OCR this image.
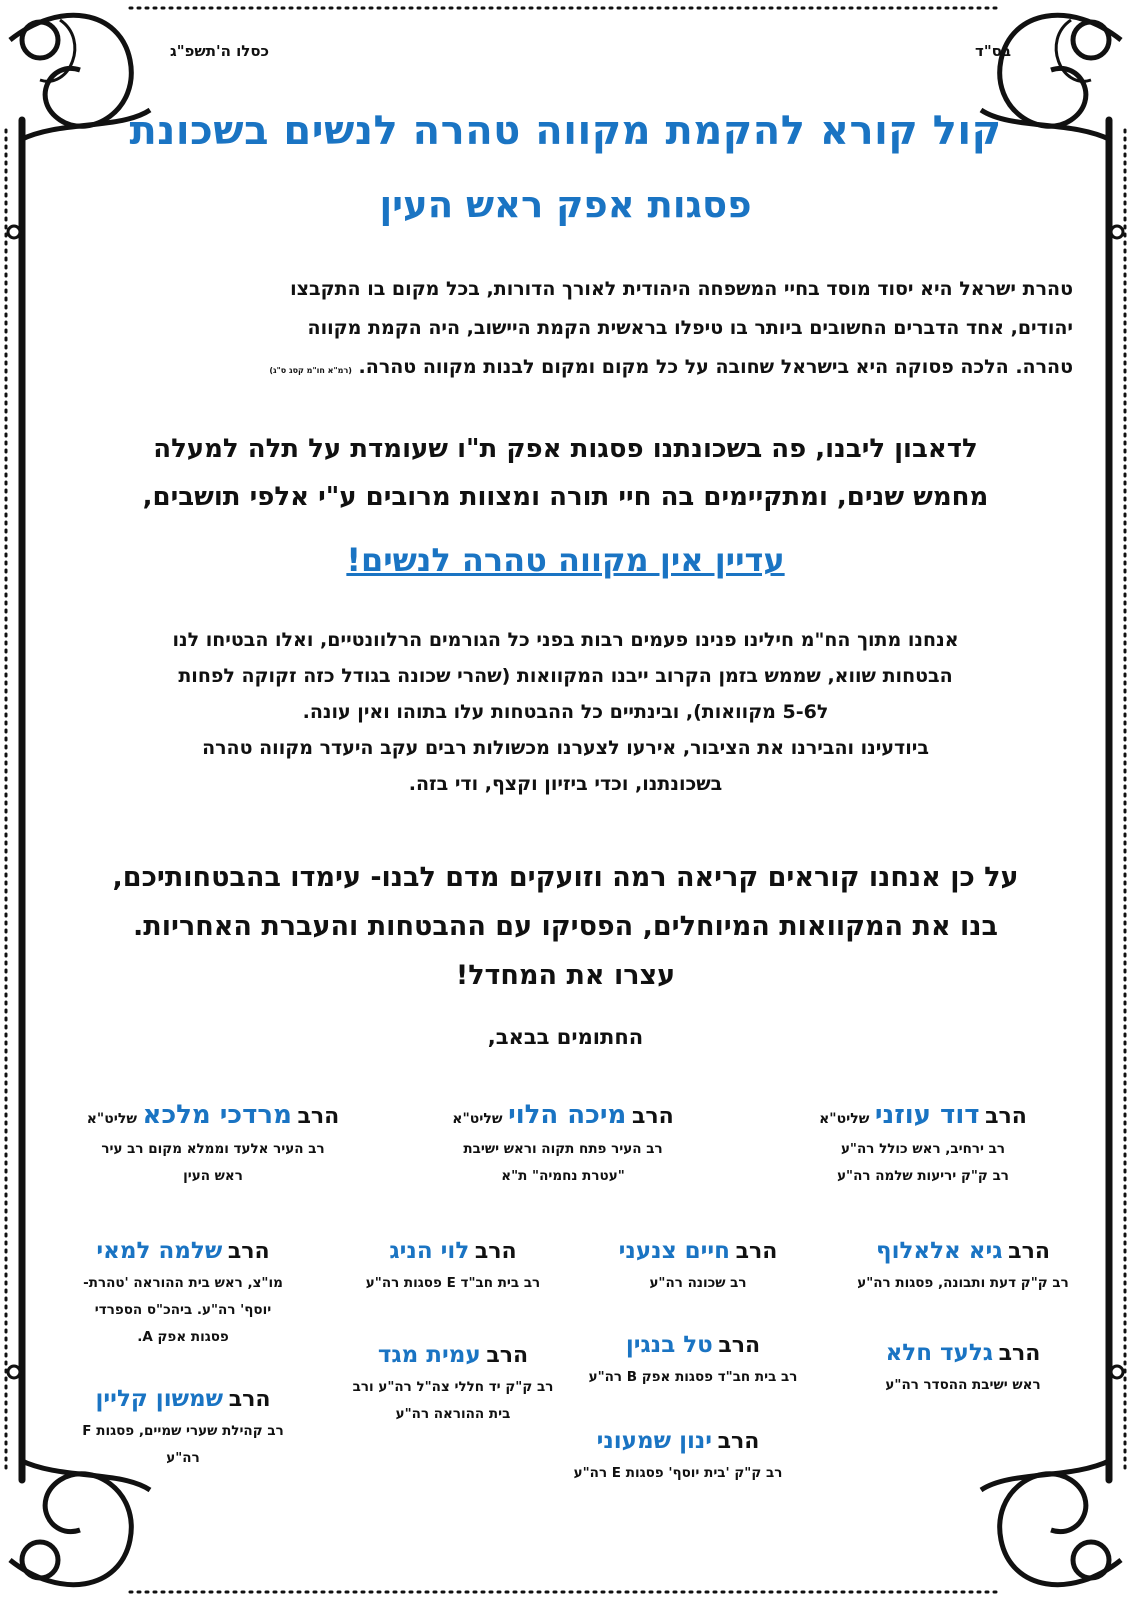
בס"ד
כסלו ה'תשפ"ג
קול קורא להקמת מקווה טהרה לנשים בשכונת
פסגות אפק ראש העין
טהרת ישראל היא יסוד מוסד בחיי המשפחה היהודית לאורך הדורות, בכל מקום בו התקבצו
יהודים, אחד הדברים החשובים ביותר בו טיפלו בראשית הקמת היישוב, היה הקמת מקווה
טהרה. הלכה פסוקה היא בישראל שחובה על כל מקום ומקום לבנות מקווה טהרה. (רמ"א חו"מ קסג ס"ג)
לדאבון ליבנו, פה בשכונתנו פסגות אפק ת"ו שעומדת על תלה למעלה
מחמש שנים, ומתקיימים בה חיי תורה ומצוות מרובים ע"י אלפי תושבים,
עדיין אין מקווה טהרה לנשים!
אנחנו מתוך הח"מ חילינו פנינו פעמים רבות בפני כל הגורמים הרלוונטיים, ואלו הבטיחו לנו
הבטחות שווא, שממש בזמן הקרוב ייבנו המקוואות (שהרי שכונה בגודל כזה זקוקה לפחות
ל5-6 מקוואות), ובינתיים כל ההבטחות עלו בתוהו ואין עונה.
ביודעינו והבירנו את הציבור, אירעו לצערנו מכשולות רבים עקב היעדר מקווה טהרה
בשכונתנו, וכדי ביזיון וקצף, ודי בזה.
על כן אנחנו קוראים קריאה רמה וזועקים מדם לבנו- עימדו בהבטחותיכם,
בנו את המקוואות המיוחלים, הפסיקו עם ההבטחות והעברת האחריות.
עצרו את המחדל!
החתומים בבאב,
הרב דוד עוזני שליט"א
רב ירחיב, ראש כולל רה"ע
רב ק"ק יריעות שלמה רה"ע
הרב מיכה הלוי שליט"א
רב העיר פתח תקוה וראש ישיבת
"עטרת נחמיה" ת"א
הרב מרדכי מלכא שליט"א
רב העיר אלעד וממלא מקום רב עיר
ראש העין
הרב גיא אלאלוף
רב ק"ק דעת ותבונה, פסגות רה"ע
הרב חיים צנעני
רב שכונה רה"ע
הרב לוי הניג
רב בית חב"ד E פסגות רה"ע
הרב שלמה למאי
מו"צ, ראש בית ההוראה 'טהרת-
יוסף' רה"ע. ביהכ"ס הספרדי
פסגות אפק A.
הרב גלעד חלא
ראש ישיבת ההסדר רה"ע
הרב טל בנגין
רב בית חב"ד פסגות אפק B רה"ע
הרב עמית מגד
רב ק"ק יד חללי צה"ל רה"ע ורב
בית ההוראה רה"ע
הרב שמשון קליין
רב קהילת שערי שמיים, פסגות F
רה"ע
הרב ינון שמעוני
רב ק"ק 'בית יוסף' פסגות E רה"ע
